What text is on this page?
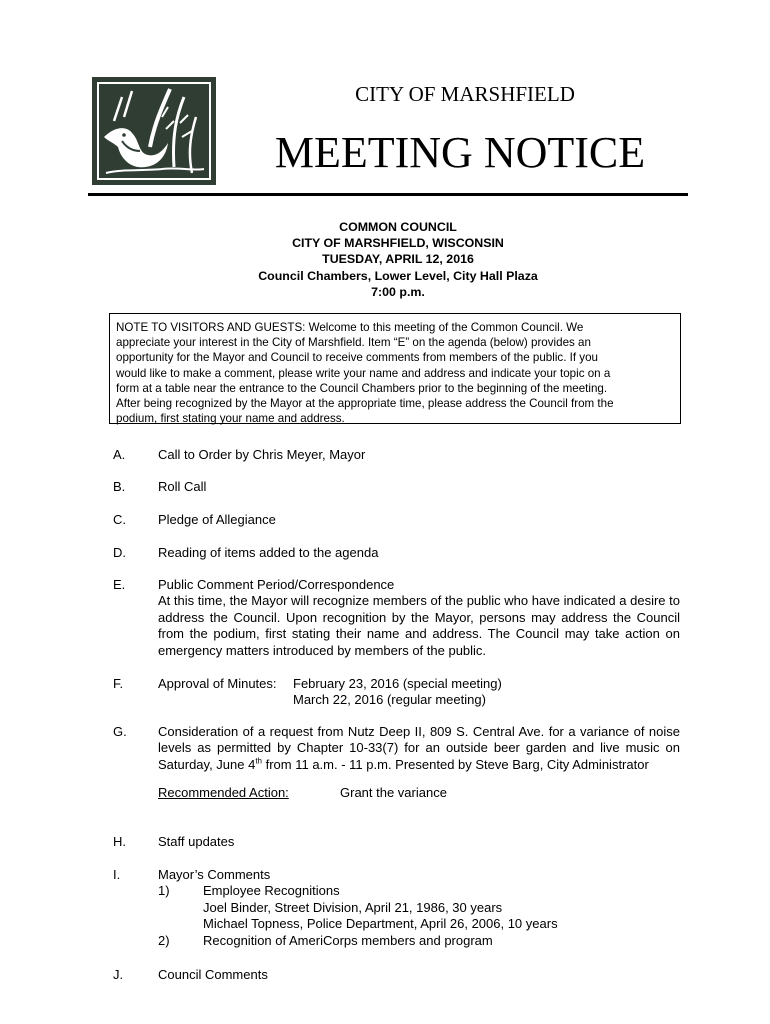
CITY OF MARSHFIELD
MEETING NOTICE
COMMON COUNCIL
CITY OF MARSHFIELD, WISCONSIN
TUESDAY, APRIL 12, 2016
Council Chambers, Lower Level, City Hall Plaza
7:00 p.m.
NOTE TO VISITORS AND GUESTS: Welcome to this meeting of the Common Council. We
appreciate your interest in the City of Marshfield. Item “E” on the agenda (below) provides an
opportunity for the Mayor and Council to receive comments from members of the public. If you
would like to make a comment, please write your name and address and indicate your topic on a
form at a table near the entrance to the Council Chambers prior to the beginning of the meeting.
After being recognized by the Mayor at the appropriate time, please address the Council from the
podium, first stating your name and address.
A.	Call to Order by Chris Meyer, Mayor
B.	Roll Call
C. Pledge of Allegiance
D. Reading of items added to the agenda
E.	Public Comment Period/Correspondence
At this time, the Mayor will recognize members of the public who have indicated a desire to address the Council. Upon recognition by the Mayor, persons may address the Council from the podium, first stating their name and address. The Council may take action on emergency matters introduced by members of the public.
F.	Approval of Minutes: February 23, 2016 (special meeting)
March 22, 2016 (regular meeting)
G. Consideration of a request from Nutz Deep II, 809 S. Central Ave. for a variance of noise levels as permitted by Chapter 10-33(7) for an outside beer garden and live music on Saturday, June 4th from 11 a.m. - 11 p.m. Presented by Steve Barg, City Administrator
Recommended Action:	Grant the variance
H. Staff updates
I.	Mayor’s Comments
1)	Employee Recognitions
Joel Binder, Street Division, April 21, 1986, 30 years
Michael Topness, Police Department, April 26, 2006, 10 years
2)	Recognition of AmeriCorps members and program
J.	Council Comments
